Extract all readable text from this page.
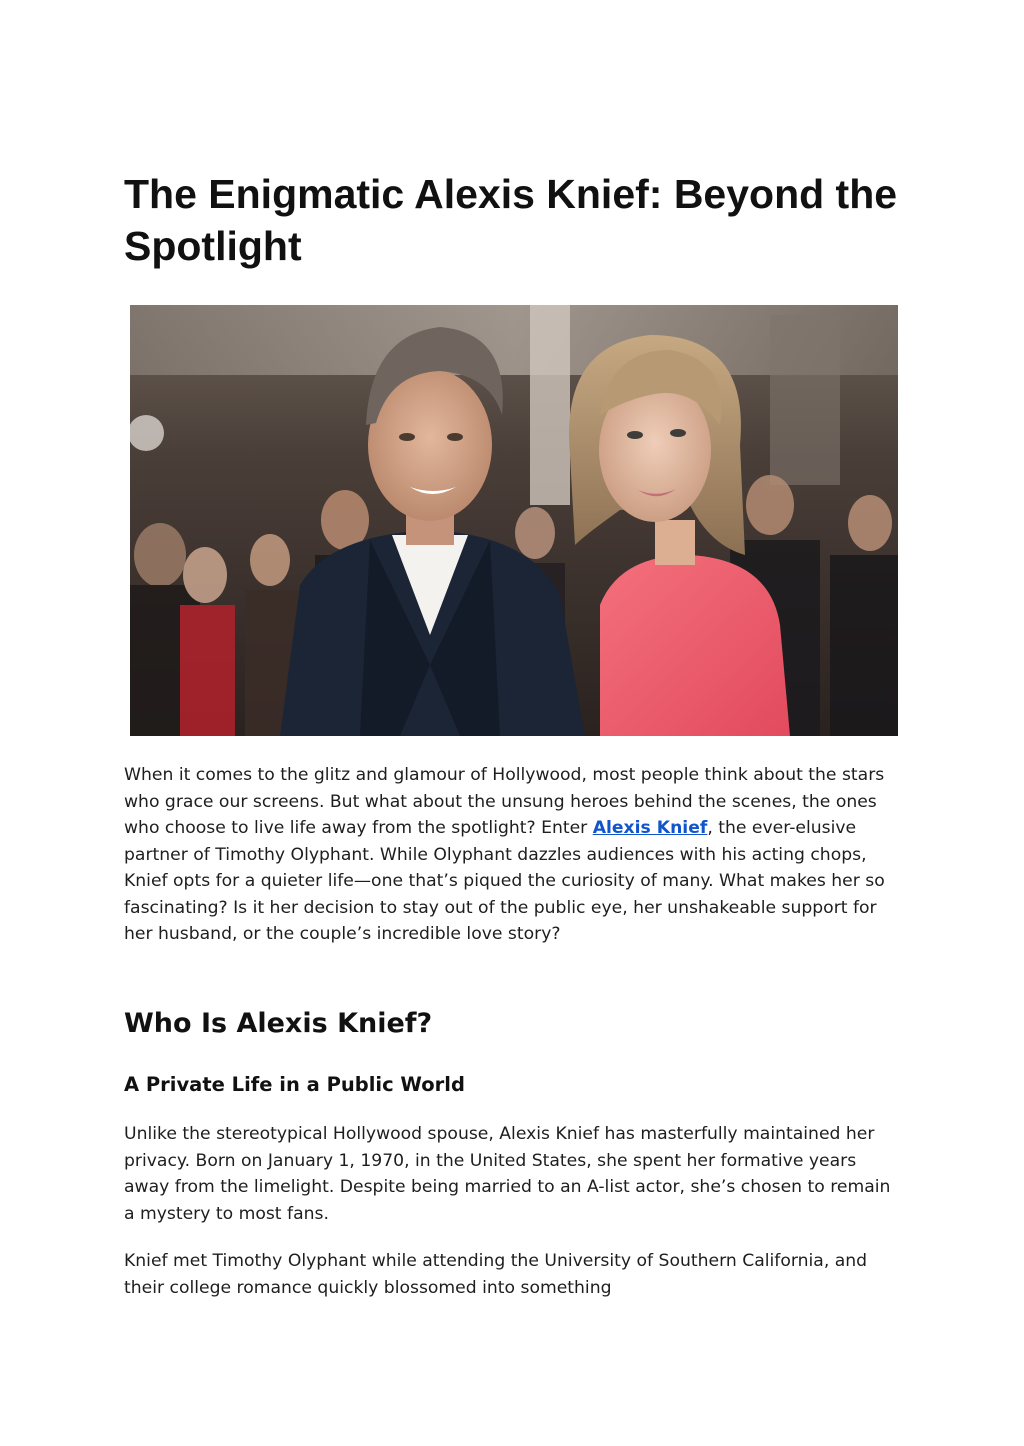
The Enigmatic Alexis Knief: Beyond the Spotlight

When it comes to the glitz and glamour of Hollywood, most people think about the stars who grace our screens. But what about the unsung heroes behind the scenes, the ones who choose to live life away from the spotlight? Enter Alexis Knief, the ever-elusive partner of Timothy Olyphant. While Olyphant dazzles audiences with his acting chops, Knief opts for a quieter life—one that’s piqued the curiosity of many. What makes her so fascinating? Is it her decision to stay out of the public eye, her unshakeable support for her husband, or the couple’s incredible love story?

Who Is Alexis Knief?
A Private Life in a Public World

Unlike the stereotypical Hollywood spouse, Alexis Knief has masterfully maintained her privacy. Born on January 1, 1970, in the United States, she spent her formative years away from the limelight. Despite being married to an A-list actor, she’s chosen to remain a mystery to most fans.

Knief met Timothy Olyphant while attending the University of Southern California, and their college romance quickly blossomed into something
